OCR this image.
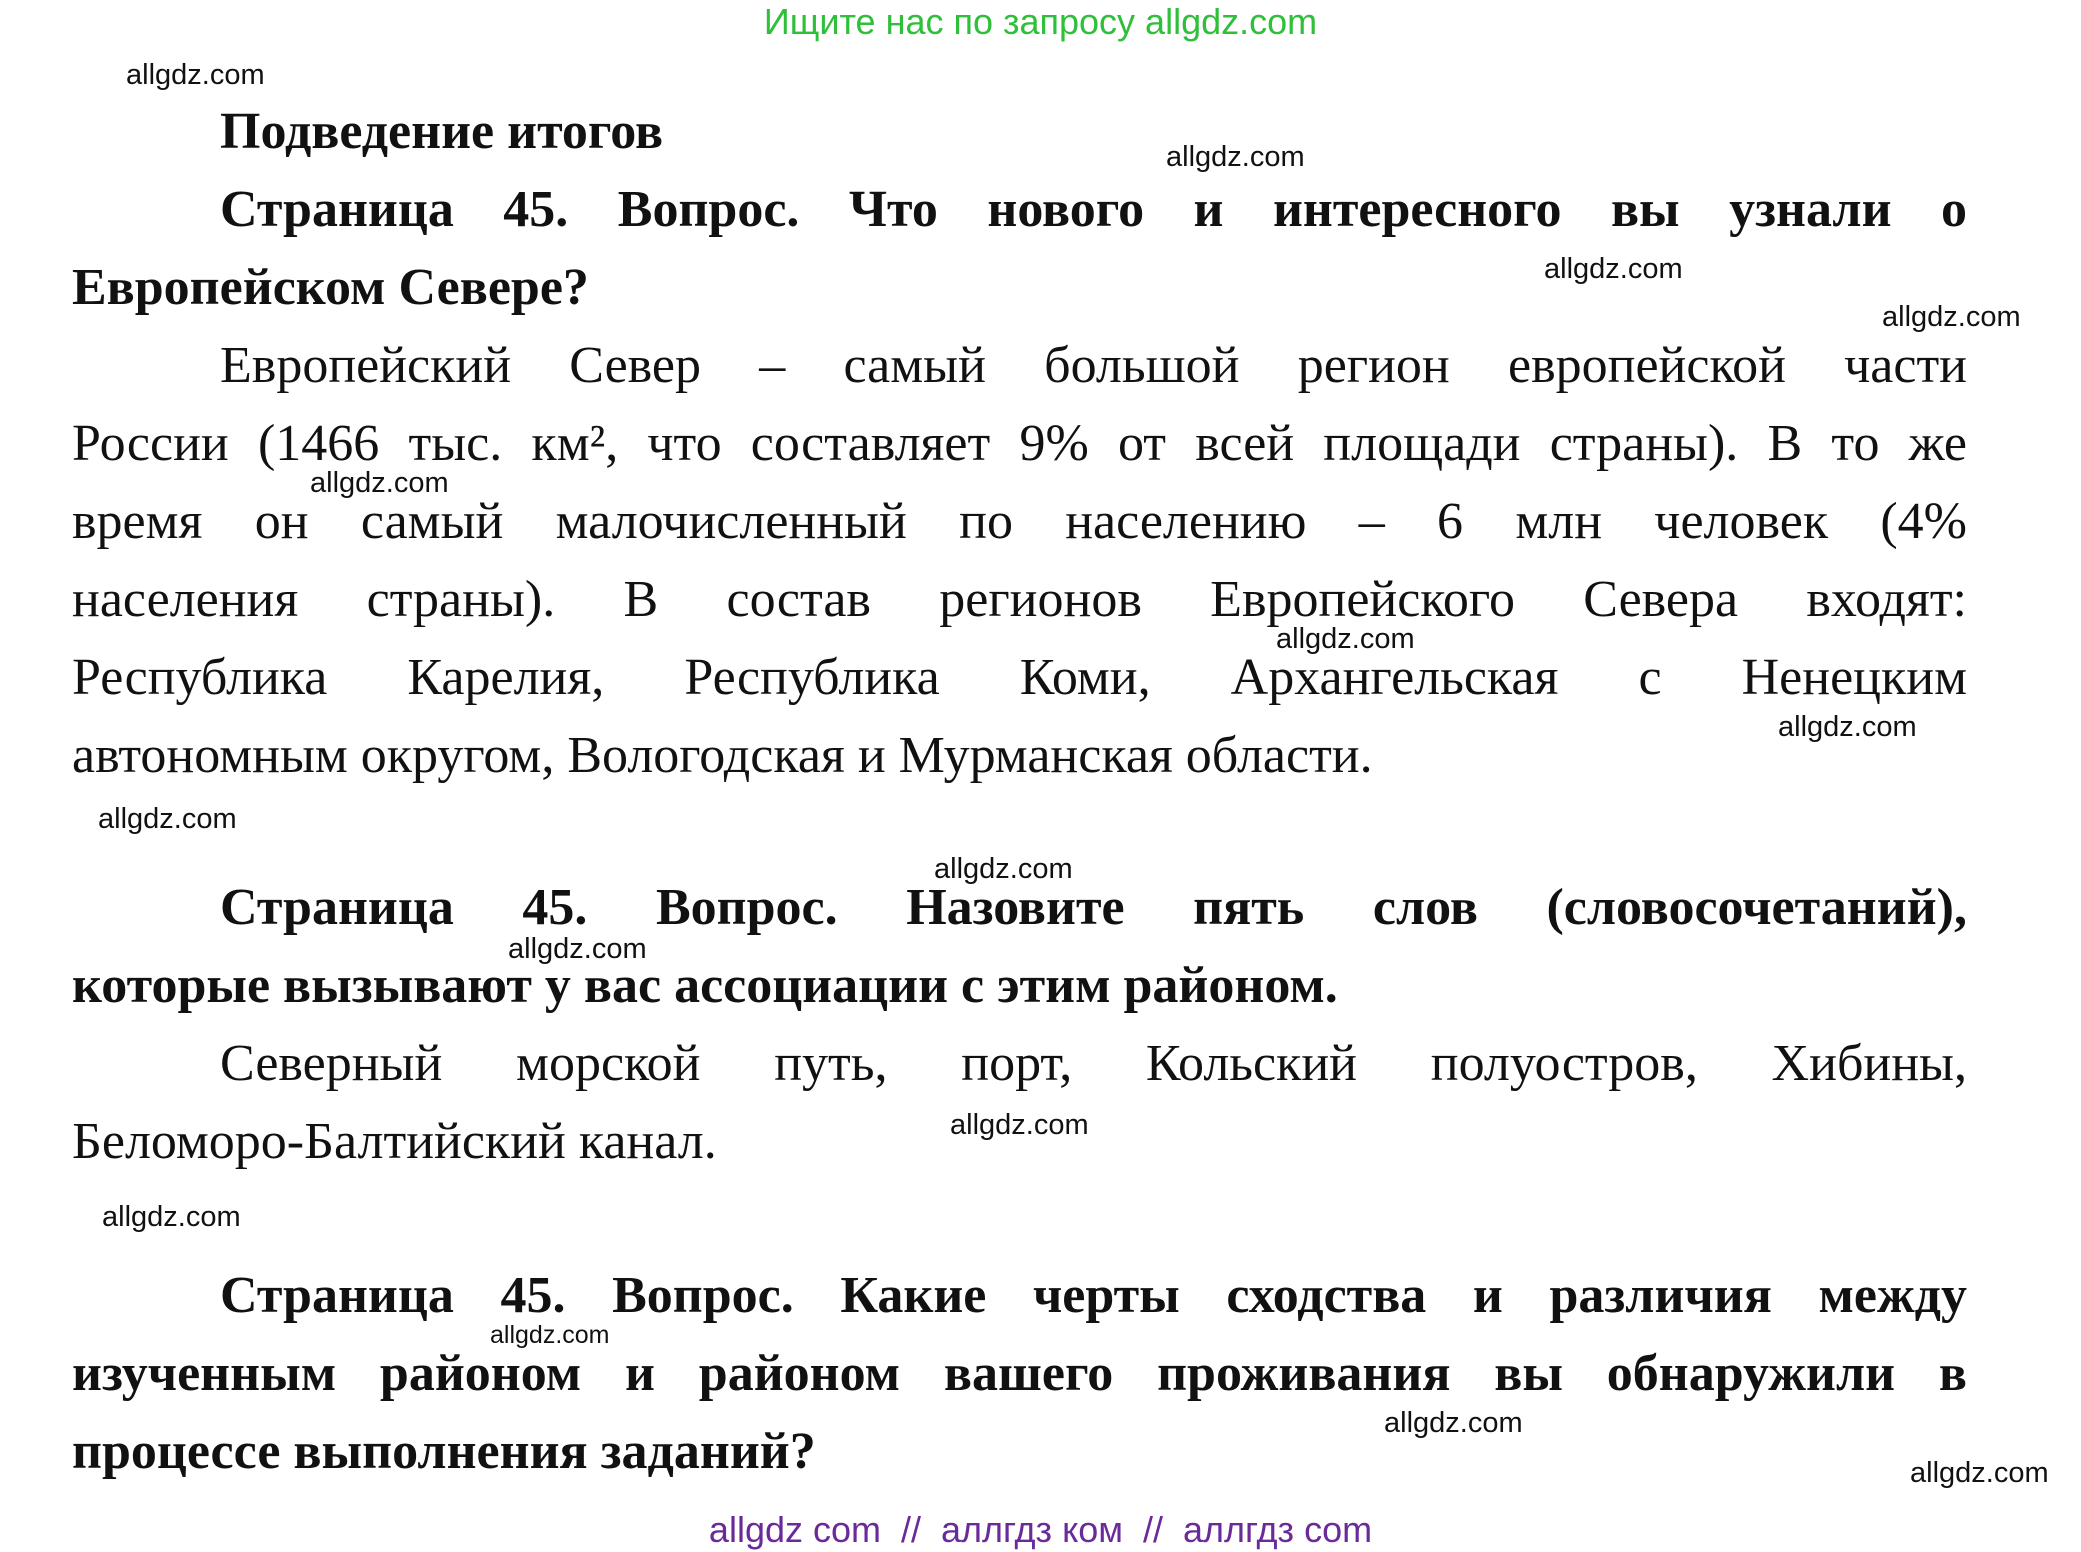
Ищите нас по запросу allgdz.com
Подведение итогов
Страница 45. Вопрос. Что нового и интересного вы узнали о
Европейском Севере?
Европейский Север – самый большой регион европейской части
России (1466 тыс. км², что составляет 9% от всей площади страны). В то же
время он самый малочисленный по населению – 6 млн человек (4%
населения страны). В состав регионов Европейского Севера входят:
Республика Карелия, Республика Коми, Архангельская с Ненецким
автономным округом, Вологодская и Мурманская области.
Страница 45. Вопрос. Назовите пять слов (словосочетаний),
которые вызывают у вас ассоциации с этим районом.
Северный морской путь, порт, Кольский полуостров, Хибины,
Беломоро-Балтийский канал.
Страница 45. Вопрос. Какие черты сходства и различия между
изученным районом и районом вашего проживания вы обнаружили в
процессе выполнения заданий?
allgdz.com
allgdz.com
allgdz.com
allgdz.com
allgdz.com
allgdz.com
allgdz.com
allgdz.com
allgdz.com
allgdz.com
allgdz.com
allgdz.com
allgdz.com
allgdz.com
allgdz.com
allgdz com  //  аллгдз ком  //  аллгдз com
